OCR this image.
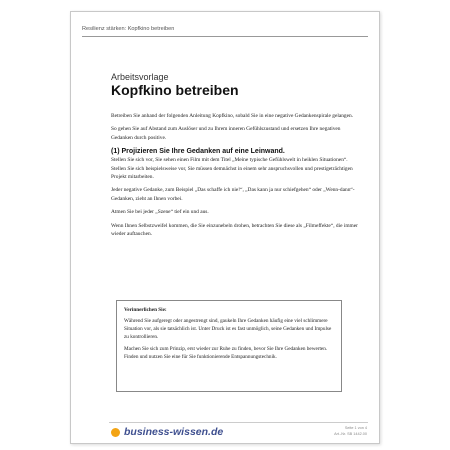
Resilienz stärken: Kopfkino betreiben
Arbeitsvorlage
Kopfkino betreiben

Betreiben Sie anhand der folgenden Anleitung Kopfkino, sobald Sie in eine negative Gedankenspirale gelangen.

So gehen Sie auf Abstand zum Auslöser und zu Ihrem inneren Gefühlszustand und ersetzen Ihre negativen Gedanken durch positive.

(1) Projizieren Sie Ihre Gedanken auf eine Leinwand.

Stellen Sie sich vor, Sie sehen einen Film mit dem Titel „Meine typische Gefühlswelt in heiklen Situationen“. Stellen Sie sich beispielsweise vor, Sie müssen demnächst in einem sehr anspruchsvollen und prestigeträchtigen Projekt mitarbeiten.

Jeder negative Gedanke, zum Beispiel „Das schaffe ich nie!“, „Das kann ja nur schiefgehen“ oder „Wenn-dann“-Gedanken, zieht an Ihnen vorbei.

Atmen Sie bei jeder „Szene“ tief ein und aus.

Wenn Ihnen Selbstzweifel kommen, die Sie einzunebeln drohen, betrachten Sie diese als „Filmeffekte“, die immer wieder auftauchen.

Verinnerlichen Sie:

Während Sie aufgeregt oder angestrengt sind, gaukeln Ihre Gedanken häufig eine viel schlimmere Situation vor, als sie tatsächlich ist. Unter Druck ist es fast unmöglich, seine Gedanken und Impulse zu kontrollieren.

Machen Sie sich zum Prinzip, erst wieder zur Ruhe zu finden, bevor Sie Ihre Gedanken bewerten. Finden und nutzen Sie eine für Sie funktionierende Entspannungstechnik.

business-wissen.de	Seite 1 von 4
Art.-Nr. SB 1442.00
